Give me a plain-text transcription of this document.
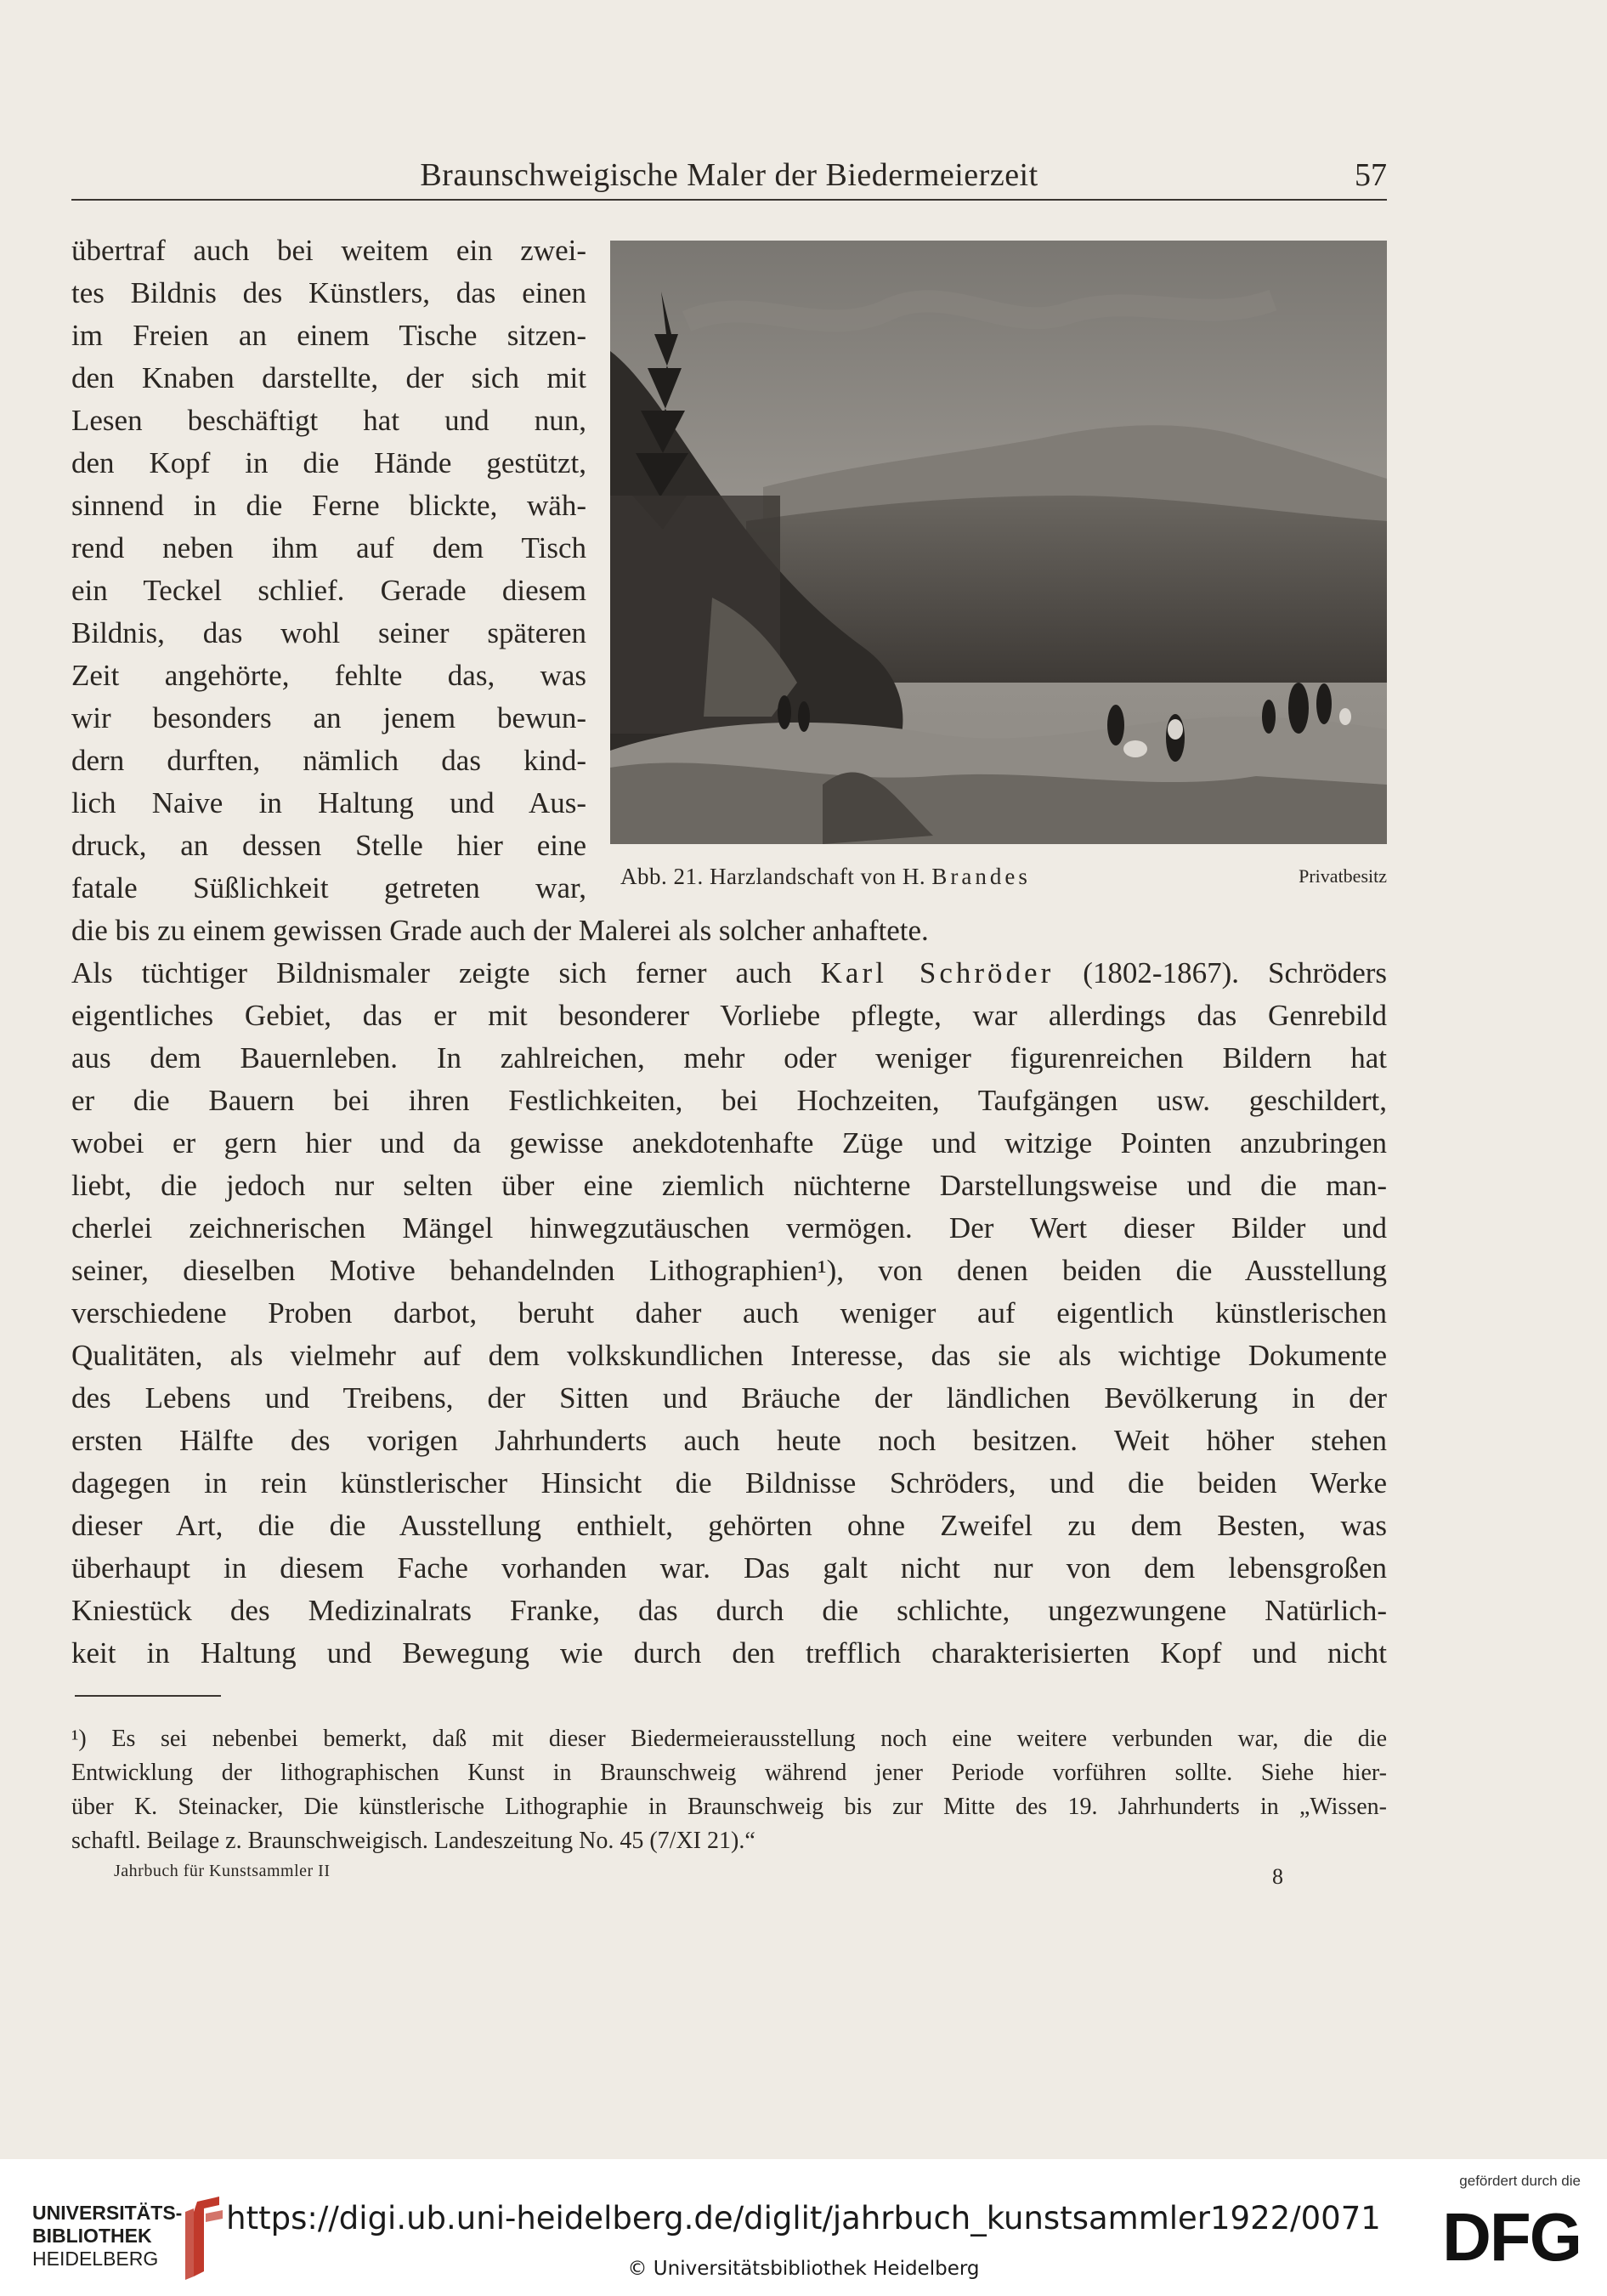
Braunschweigische Maler der Biedermeierzeit	57
übertraf auch bei weitem ein zwei-
tes Bildnis des Künstlers, das einen
im Freien an einem Tische sitzen-
den Knaben darstellte, der sich mit
Lesen beschäftigt hat und nun,
den Kopf in die Hände gestützt,
sinnend in die Ferne blickte, wäh-
rend neben ihm auf dem Tisch
ein Teckel schlief. Gerade diesem
Bildnis, das wohl seiner späteren
Zeit angehörte, fehlte das, was
wir besonders an jenem bewun-
dern durften, nämlich das kind-
lich Naive in Haltung und Aus-
druck, an dessen Stelle hier eine
fatale Süßlichkeit getreten war, Abb. 21. Harzlandschaft von H. Brandes	Privatbesitz
die bis zu einem gewissen Grade auch der Malerei als solcher anhaftete.
Als tüchtiger Bildnismaler zeigte sich ferner auch Karl Schröder (1802-1867). Schröders
eigentliches Gebiet, das er mit besonderer Vorliebe pflegte, war allerdings das Genrebild
aus dem Bauernleben. In zahlreichen, mehr oder weniger figurenreichen Bildern hat
er die Bauern bei ihren Festlichkeiten, bei Hochzeiten, Taufgängen usw. geschildert,
wobei er gern hier und da gewisse anekdotenhafte Züge und witzige Pointen anzubringen
liebt, die jedoch nur selten über eine ziemlich nüchterne Darstellungsweise und die man-
cherlei zeichnerischen Mängel hinwegzutäuschen vermögen. Der Wert dieser Bilder und
seiner, dieselben Motive behandelnden Lithographien¹), von denen beiden die Ausstellung
verschiedene Proben darbot, beruht daher auch weniger auf eigentlich künstlerischen
Qualitäten, als vielmehr auf dem volkskundlichen Interesse, das sie als wichtige Dokumente
des Lebens und Treibens, der Sitten und Bräuche der ländlichen Bevölkerung in der
ersten Hälfte des vorigen Jahrhunderts auch heute noch besitzen. Weit höher stehen
dagegen in rein künstlerischer Hinsicht die Bildnisse Schröders, und die beiden Werke
dieser Art, die die Ausstellung enthielt, gehörten ohne Zweifel zu dem Besten, was
überhaupt in diesem Fache vorhanden war. Das galt nicht nur von dem lebensgroßen
Kniestück des Medizinalrats Franke, das durch die schlichte, ungezwungene Natürlich-
keit in Haltung und Bewegung wie durch den trefflich charakterisierten Kopf und nicht
¹) Es sei nebenbei bemerkt, daß mit dieser Biedermeierausstellung noch eine weitere verbunden war, die die
Entwicklung der lithographischen Kunst in Braunschweig während jener Periode vorführen sollte. Siehe hier-
über K. Steinacker, Die künstlerische Lithographie in Braunschweig bis zur Mitte des 19. Jahrhunderts in „Wissen-
schaftl. Beilage z. Braunschweigisch. Landeszeitung No. 45 (7/XI 21).“
Jahrbuch für Kunstsammler II	8
UNIVERSITÄTS-
BIBLIOTHEK
HEIDELBERG
https://digi.ub.uni-heidelberg.de/diglit/jahrbuch_kunstsammler1922/0071
© Universitätsbibliothek Heidelberg
gefördert durch die
DFG
